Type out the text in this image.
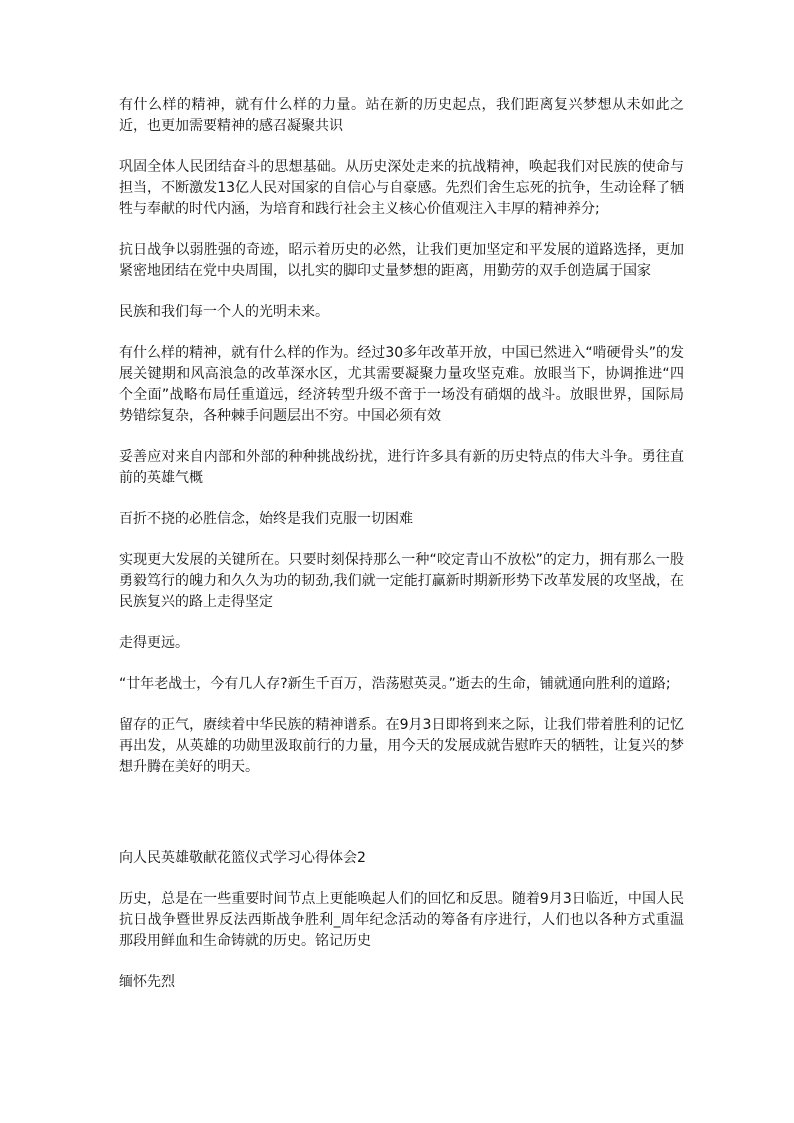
有什么样的精神，就有什么样的力量。站在新的历史起点，我们距离复兴梦想从未如此之近，也更加需要精神的感召凝聚共识

巩固全体人民团结奋斗的思想基础。从历史深处走来的抗战精神，唤起我们对民族的使命与担当，不断激发13亿人民对国家的自信心与自豪感。先烈们舍生忘死的抗争，生动诠释了牺牲与奉献的时代内涵，为培育和践行社会主义核心价值观注入丰厚的精神养分;

抗日战争以弱胜强的奇迹，昭示着历史的必然，让我们更加坚定和平发展的道路选择，更加紧密地团结在党中央周围，以扎实的脚印丈量梦想的距离，用勤劳的双手创造属于国家

民族和我们每一个人的光明未来。

有什么样的精神，就有什么样的作为。经过30多年改革开放，中国已然进入“啃硬骨头”的发展关键期和风高浪急的改革深水区，尤其需要凝聚力量攻坚克难。放眼当下，协调推进“四个全面”战略布局任重道远，经济转型升级不啻于一场没有硝烟的战斗。放眼世界，国际局势错综复杂，各种棘手问题层出不穷。中国必须有效

妥善应对来自内部和外部的种种挑战纷扰，进行许多具有新的历史特点的伟大斗争。勇往直前的英雄气概

百折不挠的必胜信念，始终是我们克服一切困难

实现更大发展的关键所在。只要时刻保持那么一种“咬定青山不放松”的定力，拥有那么一股勇毅笃行的魄力和久久为功的韧劲,我们就一定能打赢新时期新形势下改革发展的攻坚战，在民族复兴的路上走得坚定

走得更远。

“廿年老战士，今有几人存?新生千百万，浩荡慰英灵。”逝去的生命，铺就通向胜利的道路;

留存的正气，赓续着中华民族的精神谱系。在9月3日即将到来之际，让我们带着胜利的记忆再出发，从英雄的功勋里汲取前行的力量，用今天的发展成就告慰昨天的牺牲，让复兴的梦想升腾在美好的明天。

向人民英雄敬献花篮仪式学习心得体会2

历史，总是在一些重要时间节点上更能唤起人们的回忆和反思。随着9月3日临近，中国人民抗日战争暨世界反法西斯战争胜利_周年纪念活动的筹备有序进行，人们也以各种方式重温那段用鲜血和生命铸就的历史。铭记历史

缅怀先烈
